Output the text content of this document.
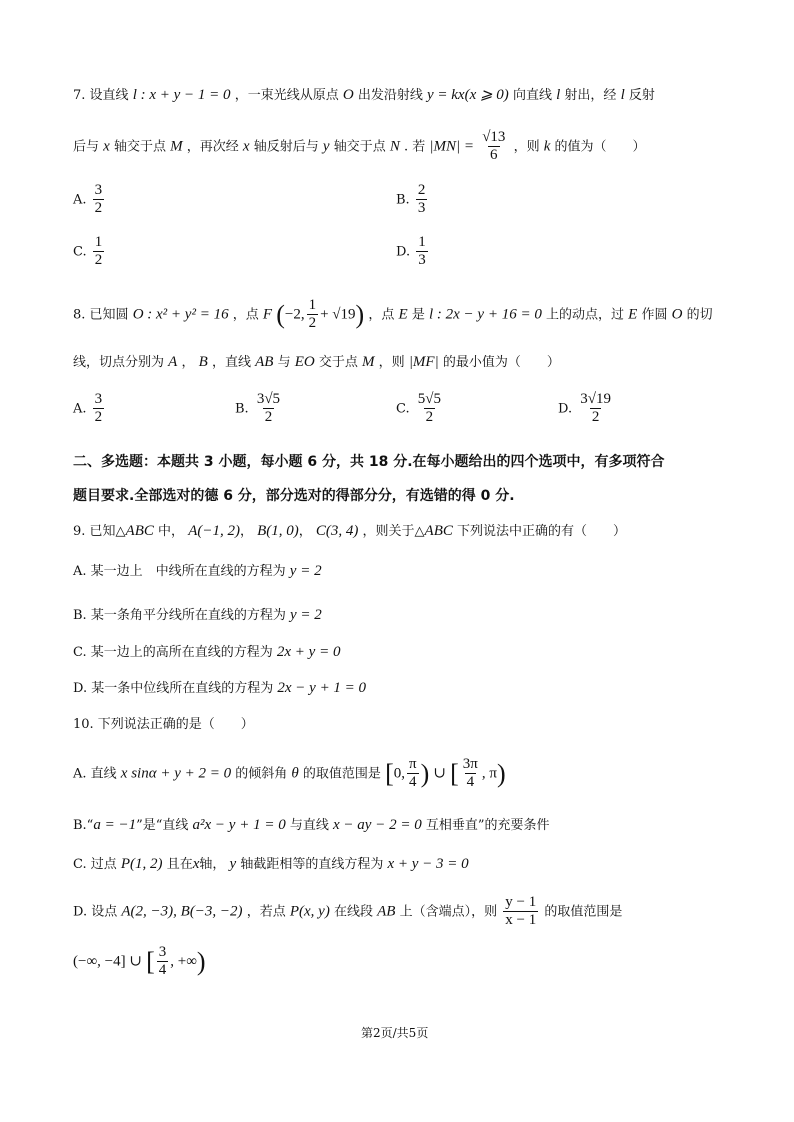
7. 设直线 l : x + y − 1 = 0 ，一束光线从原点 O 出发沿射线 y = kx(x ⩾ 0) 向直线 l 射出，经 l 反射
后与 x 轴交于点 M ，再次经 x 轴反射后与 y 轴交于点 N . 若 $|MN| = \frac{√13}{6}$ ，则 k 的值为（　　）
A. $\frac{3}{2}$	B. $\frac{2}{3}$
C. $\frac{1}{2}$	D. $\frac{1}{3}$
8. 已知圆 O : x² + y² = 16 ，点 F (−2, $\frac{1}{2} + √19$) ，点 E 是 l : 2x − y + 16 = 0 上的动点，过 E 作圆 O 的切
线，切点分别为 A ， B ，直线 AB 与 EO 交于点 M ，则 |MF| 的最小值为（　　）
A. $\frac{3}{2}$	B. $\frac{3√5}{2}$	C. $\frac{5√5}{2}$	D. $\frac{3√19}{2}$
二、多选题：本题共 3 小题，每小题 6 分，共 18 分.在每小题给出的四个选项中，有多项符合
题目要求.全部选对的德 6 分，部分选对的得部分分，有选错的得 0 分.
9. 已知△ABC 中， A(−1, 2)， B(1, 0)， C(3, 4) ，则关于△ABC 下列说法中正确的有（　　）
A. 某一边上　中线所在直线的方程为 y = 2
B. 某一条角平分线所在直线的方程为 y = 2
C. 某一边上的高所在直线的方程为 2x + y = 0
D. 某一条中位线所在直线的方程为 2x − y + 1 = 0
10. 下列说法正确的是（　　）
A. 直线 x sinα + y + 2 = 0 的倾斜角 θ 的取值范围是 [0, $\frac{\pi}{4}$ ) ∪ [ $\frac{3\pi}{4}$ , π)
B.“a = −1”是“直线 a²x − y + 1 = 0 与直线 x − ay − 2 = 0 互相垂直”的充要条件
C. 过点 P(1, 2) 且在x轴， y 轴截距相等的直线方程为 x + y − 3 = 0
D. 设点 A(2, −3), B(−3, −2) ，若点 P(x, y) 在线段 AB 上（含端点），则 $\frac{y - 1}{x - 1}$ 的取值范围是
(−∞, −4] ∪ [ $\frac{3}{4}$ , +∞)
第2页/共5页
